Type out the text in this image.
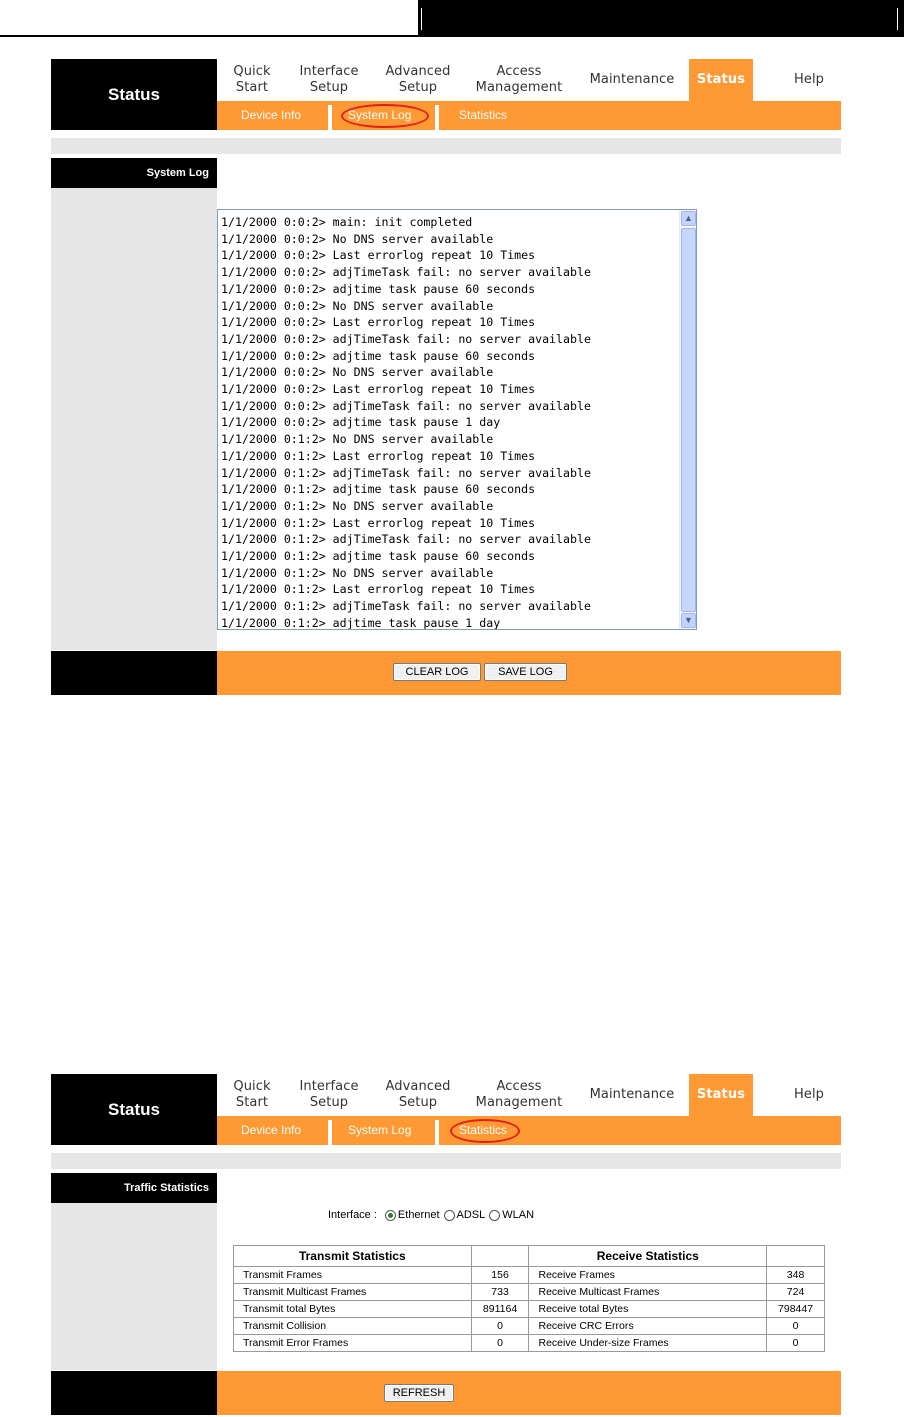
Status
Quick
Start
Interface
Setup
Advanced
Setup
Access
Management
Maintenance Status	Help
Device Info	System Log	Statistics
System Log
1/1/2000 0:0:2> main: init completed
1/1/2000 0:0:2> No DNS server available
1/1/2000 0:0:2> Last errorlog repeat 10 Times
1/1/2000 0:0:2> adjTimeTask fail: no server available
1/1/2000 0:0:2> adjtime task pause 60 seconds
1/1/2000 0:0:2> No DNS server available
1/1/2000 0:0:2> Last errorlog repeat 10 Times
1/1/2000 0:0:2> adjTimeTask fail: no server available
1/1/2000 0:0:2> adjtime task pause 60 seconds
1/1/2000 0:0:2> No DNS server available
1/1/2000 0:0:2> Last errorlog repeat 10 Times
1/1/2000 0:0:2> adjTimeTask fail: no server available
1/1/2000 0:0:2> adjtime task pause 1 day
1/1/2000 0:1:2> No DNS server available
1/1/2000 0:1:2> Last errorlog repeat 10 Times
1/1/2000 0:1:2> adjTimeTask fail: no server available
1/1/2000 0:1:2> adjtime task pause 60 seconds
1/1/2000 0:1:2> No DNS server available
1/1/2000 0:1:2> Last errorlog repeat 10 Times
1/1/2000 0:1:2> adjTimeTask fail: no server available
1/1/2000 0:1:2> adjtime task pause 60 seconds
1/1/2000 0:1:2> No DNS server available
1/1/2000 0:1:2> Last errorlog repeat 10 Times
1/1/2000 0:1:2> adjTimeTask fail: no server available
1/1/2000 0:1:2> adjtime task pause 1 day
▲
▼
CLEAR LOG	SAVE LOG
Status
Quick
Start
Interface
Setup
Advanced
Setup
Access
Management
Maintenance Status	Help
Device Info	System Log	Statistics
Traffic Statistics
Interface : Ethernet ADSL WLAN
Transmit Statistics		Receive Statistics	
Transmit Frames	156	Receive Frames	348
Transmit Multicast Frames	733	Receive Multicast Frames	724
Transmit total Bytes	891164	Receive total Bytes	798447
Transmit Collision	0	Receive CRC Errors	0
Transmit Error Frames	0	Receive Under-size Frames	0
REFRESH
